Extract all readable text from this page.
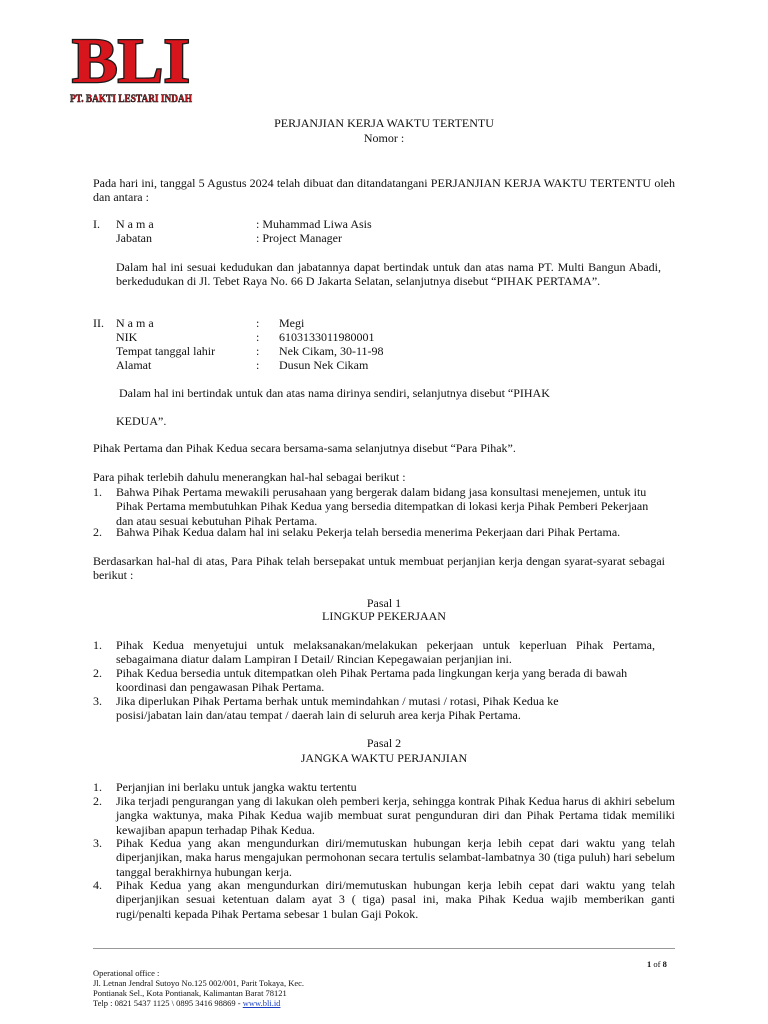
BLI
PT. BAKTI LESTARI INDAH
PERJANJIAN KERJA WAKTU TERTENTU
Nomor :
Pada hari ini, tanggal 5 Agustus 2024 telah dibuat dan ditandatangani PERJANJIAN KERJA WAKTU TERTENTU oleh dan antara :
I. N a m a	: Muhammad Liwa Asis
Jabatan	: Project Manager
Dalam hal ini sesuai kedudukan dan jabatannya dapat bertindak untuk dan atas nama PT. Multi Bangun Abadi, berkedudukan di Jl. Tebet Raya No. 66 D Jakarta Selatan, selanjutnya disebut “PIHAK PERTAMA”.
II. N a m a	: Megi
NIK	: 6103133011980001
Tempat tanggal lahir	: Nek Cikam, 30-11-98
Alamat	: Dusun Nek Cikam
Dalam hal ini bertindak untuk dan atas nama dirinya sendiri, selanjutnya disebut “PIHAK
KEDUA”.
Pihak Pertama dan Pihak Kedua secara bersama-sama selanjutnya disebut “Para Pihak”.
Para pihak terlebih dahulu menerangkan hal-hal sebagai berikut :
1. Bahwa Pihak Pertama mewakili perusahaan yang bergerak dalam bidang jasa konsultasi menejemen, untuk itu Pihak Pertama membutuhkan Pihak Kedua yang bersedia ditempatkan di lokasi kerja Pihak Pemberi Pekerjaan dan atau sesuai kebutuhan Pihak Pertama.
2. Bahwa Pihak Kedua dalam hal ini selaku Pekerja telah bersedia menerima Pekerjaan dari Pihak Pertama.
Berdasarkan hal-hal di atas, Para Pihak telah bersepakat untuk membuat perjanjian kerja dengan syarat-syarat sebagai berikut :
Pasal 1
LINGKUP PEKERJAAN
1. Pihak Kedua menyetujui untuk melaksanakan/melakukan pekerjaan untuk keperluan Pihak Pertama, sebagaimana diatur dalam Lampiran I Detail/ Rincian Kepegawaian perjanjian ini.
2. Pihak Kedua bersedia untuk ditempatkan oleh Pihak Pertama pada lingkungan kerja yang berada di bawah koordinasi dan pengawasan Pihak Pertama.
3. Jika diperlukan Pihak Pertama berhak untuk memindahkan / mutasi / rotasi, Pihak Kedua ke posisi/jabatan lain dan/atau tempat / daerah lain di seluruh area kerja Pihak Pertama.
Pasal 2
JANGKA WAKTU PERJANJIAN
1. Perjanjian ini berlaku untuk jangka waktu tertentu
2. Jika terjadi pengurangan yang di lakukan oleh pemberi kerja, sehingga kontrak Pihak Kedua harus di akhiri sebelum jangka waktunya, maka Pihak Kedua wajib membuat surat pengunduran diri dan Pihak Pertama tidak memiliki kewajiban apapun terhadap Pihak Kedua.
3. Pihak Kedua yang akan mengundurkan diri/memutuskan hubungan kerja lebih cepat dari waktu yang telah diperjanjikan, maka harus mengajukan permohonan secara tertulis selambat-lambatnya 30 (tiga puluh) hari sebelum tanggal berakhirnya hubungan kerja.
4. Pihak Kedua yang akan mengundurkan diri/memutuskan hubungan kerja lebih cepat dari waktu yang telah diperjanjikan sesuai ketentuan dalam ayat 3 ( tiga) pasal ini, maka Pihak Kedua wajib memberikan ganti rugi/penalti kepada Pihak Pertama sebesar 1 bulan Gaji Pokok.
1 of 8
Operational office :
Jl. Letnan Jendral Sutoyo No.125 002/001, Parit Tokaya, Kec.
Pontianak Sel., Kota Pontianak, Kalimantan Barat 78121
Telp : 0821 5437 1125 \ 0895 3416 98869 - www.bli.id
